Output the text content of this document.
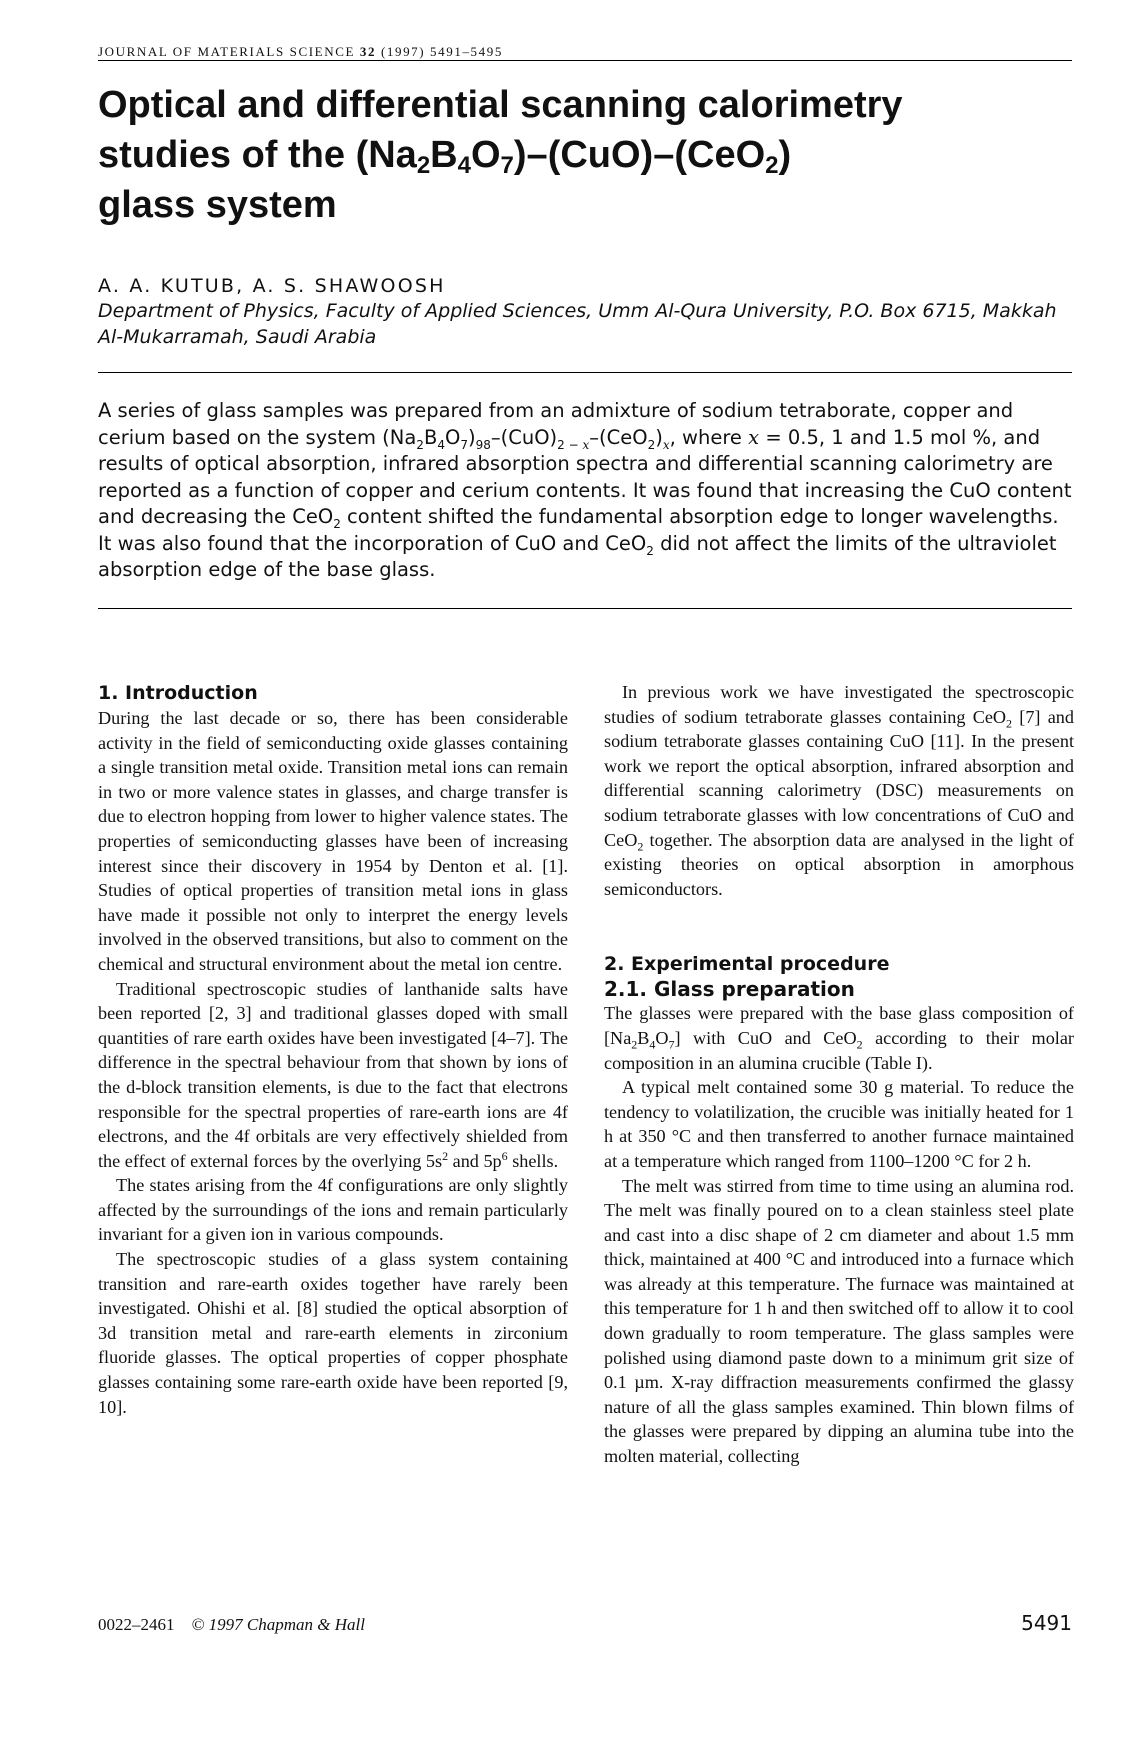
JOURNAL OF MATERIALS SCIENCE 32 (1997) 5491–5495
Optical and differential scanning calorimetry
studies of the $(Na_2B_4O_7)-(CuO)-(CeO_2)$
glass system
A. A. KUTUB, A. S. SHAWOOSH
Department of Physics, Faculty of Applied Sciences, Umm Al-Qura University, P.O. Box 6715, Makkah Al-Mukarramah, Saudi Arabia

A series of glass samples was prepared from an admixture of sodium tetraborate, copper and cerium based on the system $(Na_2B_4O_7)_{98}-(CuO)_{2 - x}-(CeO_2)_x$, where x = 0.5, 1 and 1.5 mol %, and results of optical absorption, infrared absorption spectra and differential scanning calorimetry are reported as a function of copper and cerium contents. It was found that increasing the CuO content and decreasing the CeO$_2$ content shifted the fundamental absorption edge to longer wavelengths. It was also found that the incorporation of CuO and CeO$_2$ did not affect the limits of the ultraviolet absorption edge of the base glass.

1. Introduction

During the last decade or so, there has been considerable activity in the field of semiconducting oxide glasses containing a single transition metal oxide. Transition metal ions can remain in two or more valence states in glasses, and charge transfer is due to electron hopping from lower to higher valence states. The properties of semiconducting glasses have been of increasing interest since their discovery in 1954 by Denton et al. [1]. Studies of optical properties of transition metal ions in glass have made it possible not only to interpret the energy levels involved in the observed transitions, but also to comment on the chemical and structural environment about the metal ion centre.

Traditional spectroscopic studies of lanthanide salts have been reported [2, 3] and traditional glasses doped with small quantities of rare earth oxides have been investigated [4–7]. The difference in the spectral behaviour from that shown by ions of the d-block transition elements, is due to the fact that electrons responsible for the spectral properties of rare-earth ions are 4f electrons, and the 4f orbitals are very effectively shielded from the effect of external forces by the overlying $5s^2$ and $5p^6$ shells.

The states arising from the 4f configurations are only slightly affected by the surroundings of the ions and remain particularly invariant for a given ion in various compounds.

The spectroscopic studies of a glass system containing transition and rare-earth oxides together have rarely been investigated. Ohishi et al. [8] studied the optical absorption of 3d transition metal and rare-earth elements in zirconium fluoride glasses. The optical properties of copper phosphate glasses containing some rare-earth oxide have been reported [9, 10].

In previous work we have investigated the spectroscopic studies of sodium tetraborate glasses containing CeO$_2$ [7] and sodium tetraborate glasses containing CuO [11]. In the present work we report the optical absorption, infrared absorption and differential scanning calorimetry (DSC) measurements on sodium tetraborate glasses with low concentrations of CuO and CeO$_2$ together. The absorption data are analysed in the light of existing theories on optical absorption in amorphous semiconductors.

2. Experimental procedure
2.1. Glass preparation

The glasses were prepared with the base glass composition of $[Na_2B_4O_7]$ with CuO and CeO$_2$ according to their molar composition in an alumina crucible (Table I).

A typical melt contained some 30 g material. To reduce the tendency to volatilization, the crucible was initially heated for 1 h at 350 °C and then transferred to another furnace maintained at a temperature which ranged from 1100–1200 °C for 2 h.

The melt was stirred from time to time using an alumina rod. The melt was finally poured on to a clean stainless steel plate and cast into a disc shape of 2 cm diameter and about 1.5 mm thick, maintained at 400 °C and introduced into a furnace which was already at this temperature. The furnace was maintained at this temperature for 1 h and then switched off to allow it to cool down gradually to room temperature. The glass samples were polished using diamond paste down to a minimum grit size of 0.1 µm. X-ray diffraction measurements confirmed the glassy nature of all the glass samples examined. Thin blown films of the glasses were prepared by dipping an alumina tube into the molten material, collecting

0022–2461 © 1997 Chapman & Hall	5491
